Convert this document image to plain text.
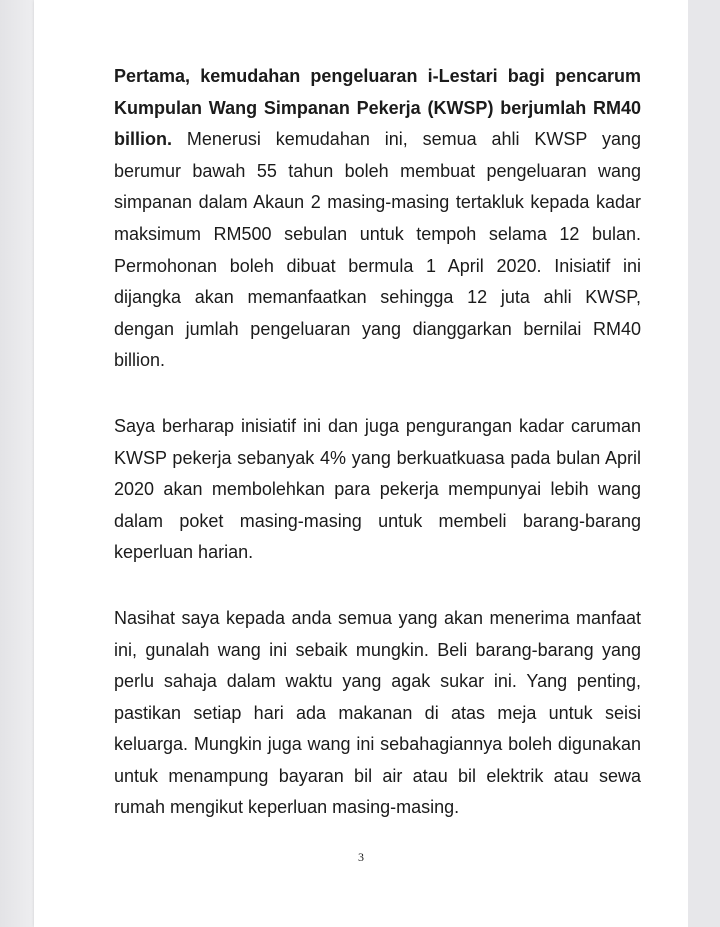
Pertama, kemudahan pengeluaran i-Lestari bagi pencarum Kumpulan Wang Simpanan Pekerja (KWSP) berjumlah RM40 billion. Menerusi kemudahan ini, semua ahli KWSP yang berumur bawah 55 tahun boleh membuat pengeluaran wang simpanan dalam Akaun 2 masing-masing tertakluk kepada kadar maksimum RM500 sebulan untuk tempoh selama 12 bulan. Permohonan boleh dibuat bermula 1 April 2020. Inisiatif ini dijangka akan memanfaatkan sehingga 12 juta ahli KWSP, dengan jumlah pengeluaran yang dianggarkan bernilai RM40 billion.

Saya berharap inisiatif ini dan juga pengurangan kadar caruman KWSP pekerja sebanyak 4% yang berkuatkuasa pada bulan April 2020 akan membolehkan para pekerja mempunyai lebih wang dalam poket masing-masing untuk membeli barang-barang keperluan harian.

Nasihat saya kepada anda semua yang akan menerima manfaat ini, gunalah wang ini sebaik mungkin. Beli barang-barang yang perlu sahaja dalam waktu yang agak sukar ini. Yang penting, pastikan setiap hari ada makanan di atas meja untuk seisi keluarga. Mungkin juga wang ini sebahagiannya boleh digunakan untuk menampung bayaran bil air atau bil elektrik atau sewa rumah mengikut keperluan masing-masing.

3
